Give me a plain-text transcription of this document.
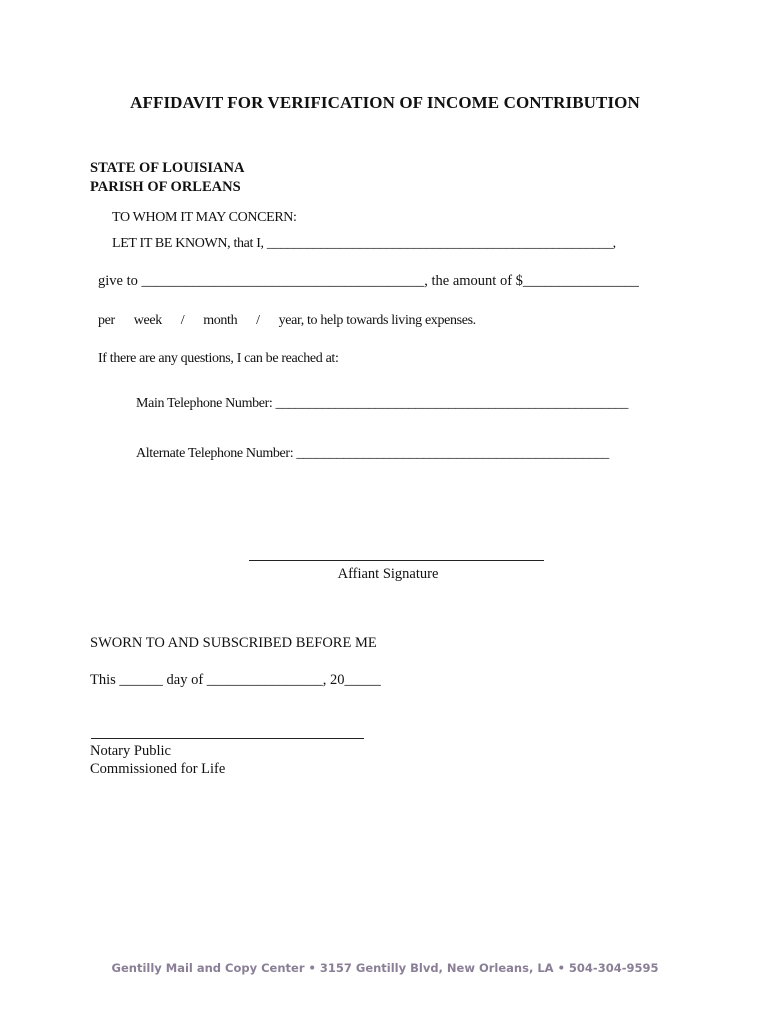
AFFIDAVIT FOR VERIFICATION OF INCOME CONTRIBUTION
STATE OF LOUISIANA
PARISH OF ORLEANS
TO WHOM IT MAY CONCERN:
LET IT BE KNOWN, that I, ____________________________________________________,
give to _______________________________________, the amount of $________________
per      week      /      month      /      year, to help towards living expenses.
If there are any questions, I can be reached at:
Main Telephone Number: _____________________________________________________
Alternate Telephone Number: _______________________________________________
Affiant Signature
SWORN TO AND SUBSCRIBED BEFORE ME
This ______ day of ________________, 20_____
Notary Public
Commissioned for Life
Gentilly Mail and Copy Center • 3157 Gentilly Blvd, New Orleans, LA • 504-304-9595
